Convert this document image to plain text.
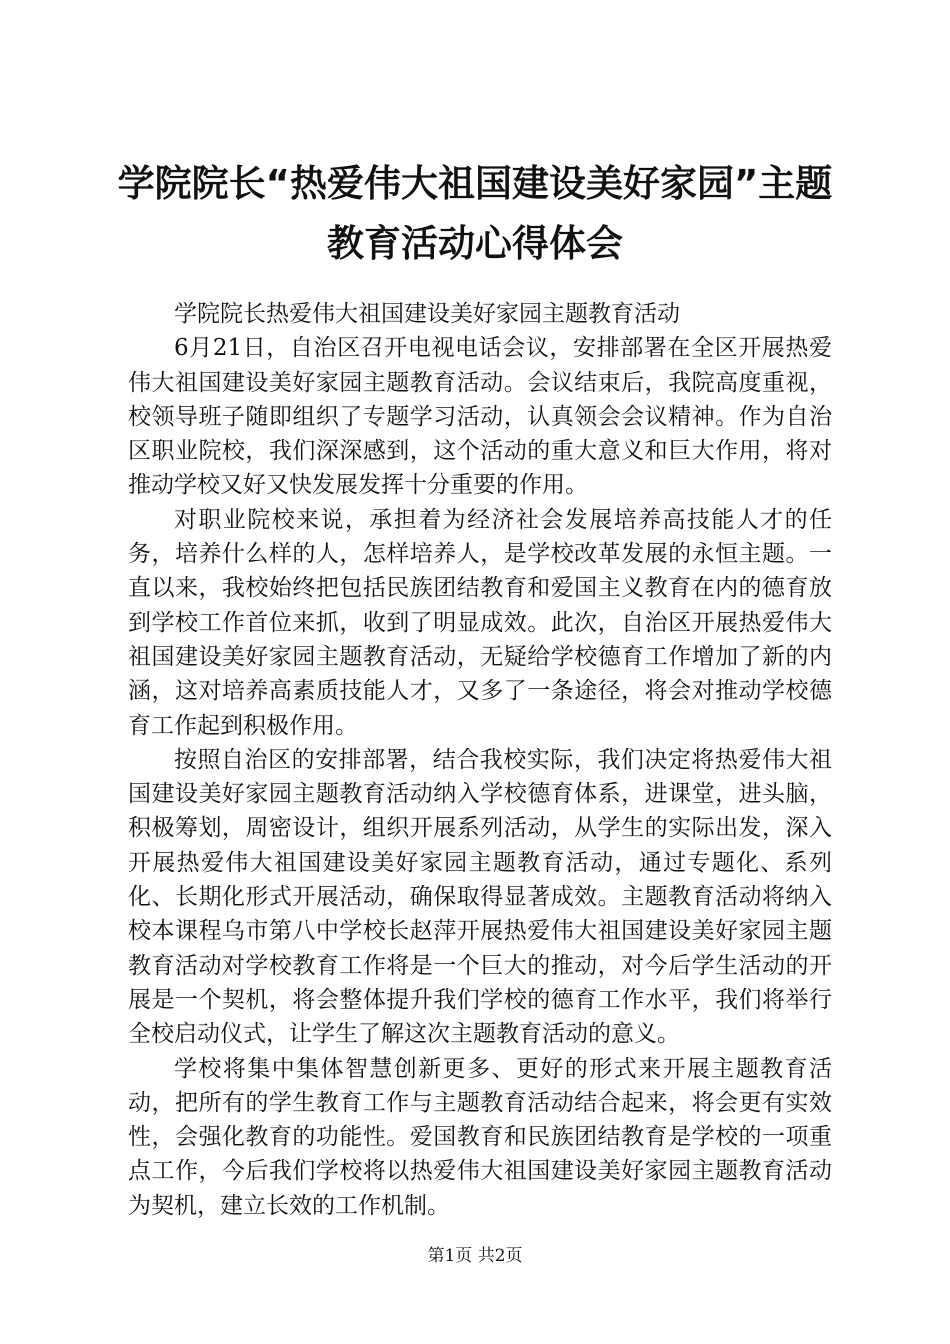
学院院长“热爱伟大祖国建设美好家园”主题
教育活动心得体会

学院院长热爱伟大祖国建设美好家园主题教育活动

6月21日，自治区召开电视电话会议，安排部署在全区开展热爱伟大祖国建设美好家园主题教育活动。会议结束后，我院高度重视，校领导班子随即组织了专题学习活动，认真领会会议精神。作为自治区职业院校，我们深深感到，这个活动的重大意义和巨大作用，将对推动学校又好又快发展发挥十分重要的作用。

对职业院校来说，承担着为经济社会发展培养高技能人才的任务，培养什么样的人，怎样培养人，是学校改革发展的永恒主题。一直以来，我校始终把包括民族团结教育和爱国主义教育在内的德育放到学校工作首位来抓，收到了明显成效。此次，自治区开展热爱伟大祖国建设美好家园主题教育活动，无疑给学校德育工作增加了新的内涵，这对培养高素质技能人才，又多了一条途径，将会对推动学校德育工作起到积极作用。

按照自治区的安排部署，结合我校实际，我们决定将热爱伟大祖国建设美好家园主题教育活动纳入学校德育体系，进课堂，进头脑，积极筹划，周密设计，组织开展系列活动，从学生的实际出发，深入开展热爱伟大祖国建设美好家园主题教育活动，通过专题化、系列化、长期化形式开展活动，确保取得显著成效。主题教育活动将纳入校本课程乌市第八中学校长赵萍开展热爱伟大祖国建设美好家园主题教育活动对学校教育工作将是一个巨大的推动，对今后学生活动的开展是一个契机，将会整体提升我们学校的德育工作水平，我们将举行全校启动仪式，让学生了解这次主题教育活动的意义。

学校将集中集体智慧创新更多、更好的形式来开展主题教育活动，把所有的学生教育工作与主题教育活动结合起来，将会更有实效性，会强化教育的功能性。爱国教育和民族团结教育是学校的一项重点工作，今后我们学校将以热爱伟大祖国建设美好家园主题教育活动为契机，建立长效的工作机制。

第1页 共2页
